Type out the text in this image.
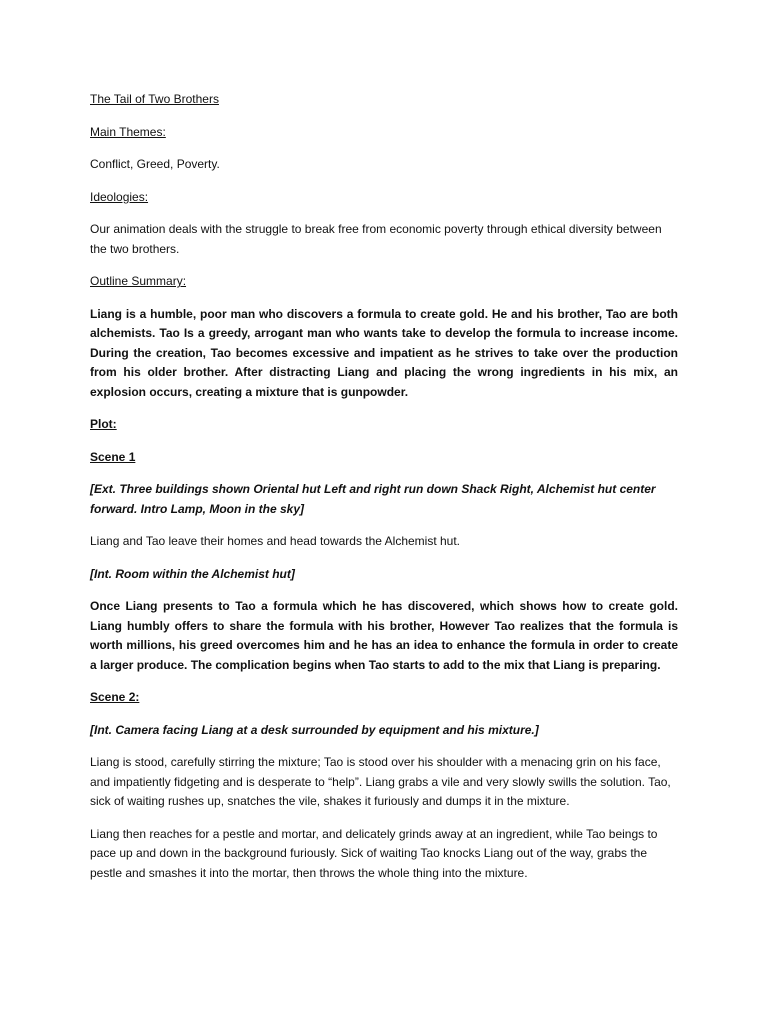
The Tail of Two Brothers

Main Themes:

Conflict, Greed, Poverty.

Ideologies:

Our animation deals with the struggle to break free from economic poverty through ethical diversity between the two brothers.

Outline Summary:

Liang is a humble, poor man who discovers a formula to create gold. He and his brother, Tao are both alchemists. Tao Is a greedy, arrogant man who wants take to develop the formula to increase income. During the creation, Tao becomes excessive and impatient as he strives to take over the production from his older brother. After distracting Liang and placing the wrong ingredients in his mix, an explosion occurs, creating a mixture that is gunpowder.

Plot:

Scene 1

[Ext. Three buildings shown Oriental hut Left and right run down Shack Right, Alchemist hut center forward. Intro Lamp, Moon in the sky]

Liang and Tao leave their homes and head towards the Alchemist hut.

[Int. Room within the Alchemist hut]

Once Liang presents to Tao a formula which he has discovered, which shows how to create gold. Liang humbly offers to share the formula with his brother, However Tao realizes that the formula is worth millions, his greed overcomes him and he has an idea to enhance the formula in order to create a larger produce. The complication begins when Tao starts to add to the mix that Liang is preparing.

Scene 2:

[Int. Camera facing Liang at a desk surrounded by equipment and his mixture.]

Liang is stood, carefully stirring the mixture; Tao is stood over his shoulder with a menacing grin on his face, and impatiently fidgeting and is desperate to “help”. Liang grabs a vile and very slowly swills the solution. Tao, sick of waiting rushes up, snatches the vile, shakes it furiously and dumps it in the mixture.

Liang then reaches for a pestle and mortar, and delicately grinds away at an ingredient, while Tao beings to pace up and down in the background furiously. Sick of waiting Tao knocks Liang out of the way, grabs the pestle and smashes it into the mortar, then throws the whole thing into the mixture.
